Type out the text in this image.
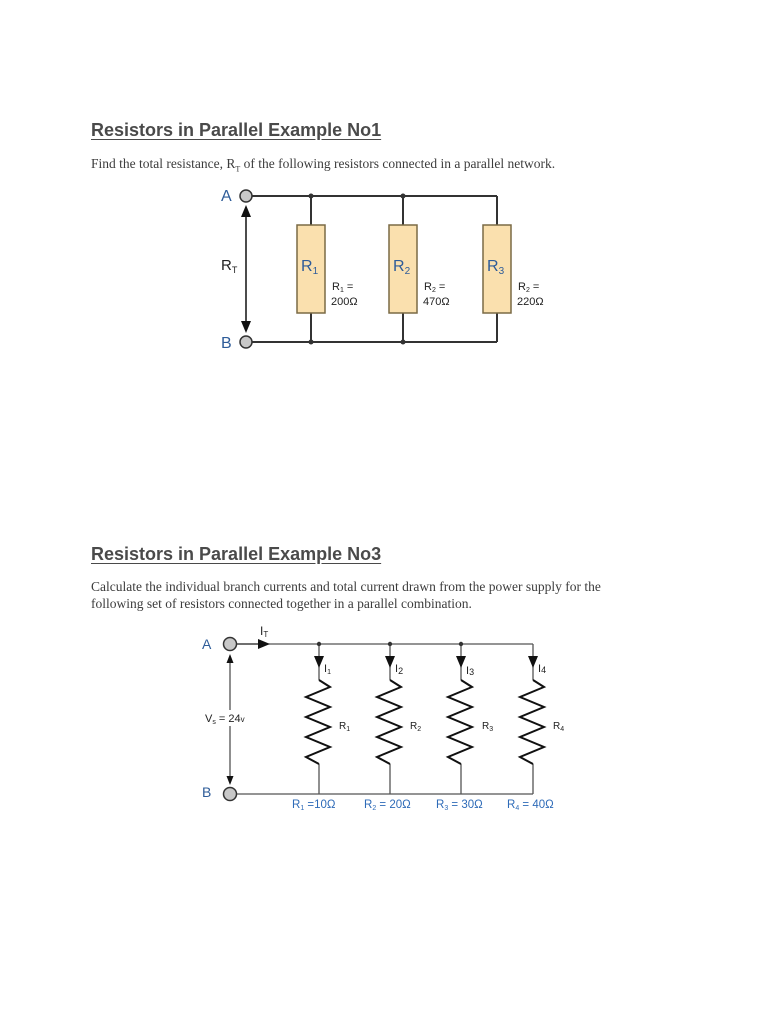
Resistors in Parallel Example No1

Find the total resistance, $R_T$ of the following resistors connected in a parallel network.

A
B
$R_T$	R1
R1 =
200Ω
R2
R2 =
470Ω
R3
R2 =
220Ω
I1	I2	I3	I4
$R_1$	$R_2$	$R_3$	$R_4$
A
B
IT
Vs = 24v
R1 =10Ω R2 = 20Ω R3 = 30Ω R4 = 40Ω
Resistors in Parallel Example No3

Calculate the individual branch currents and total current drawn from the power supply for the
following set of resistors connected together in a parallel combination.
